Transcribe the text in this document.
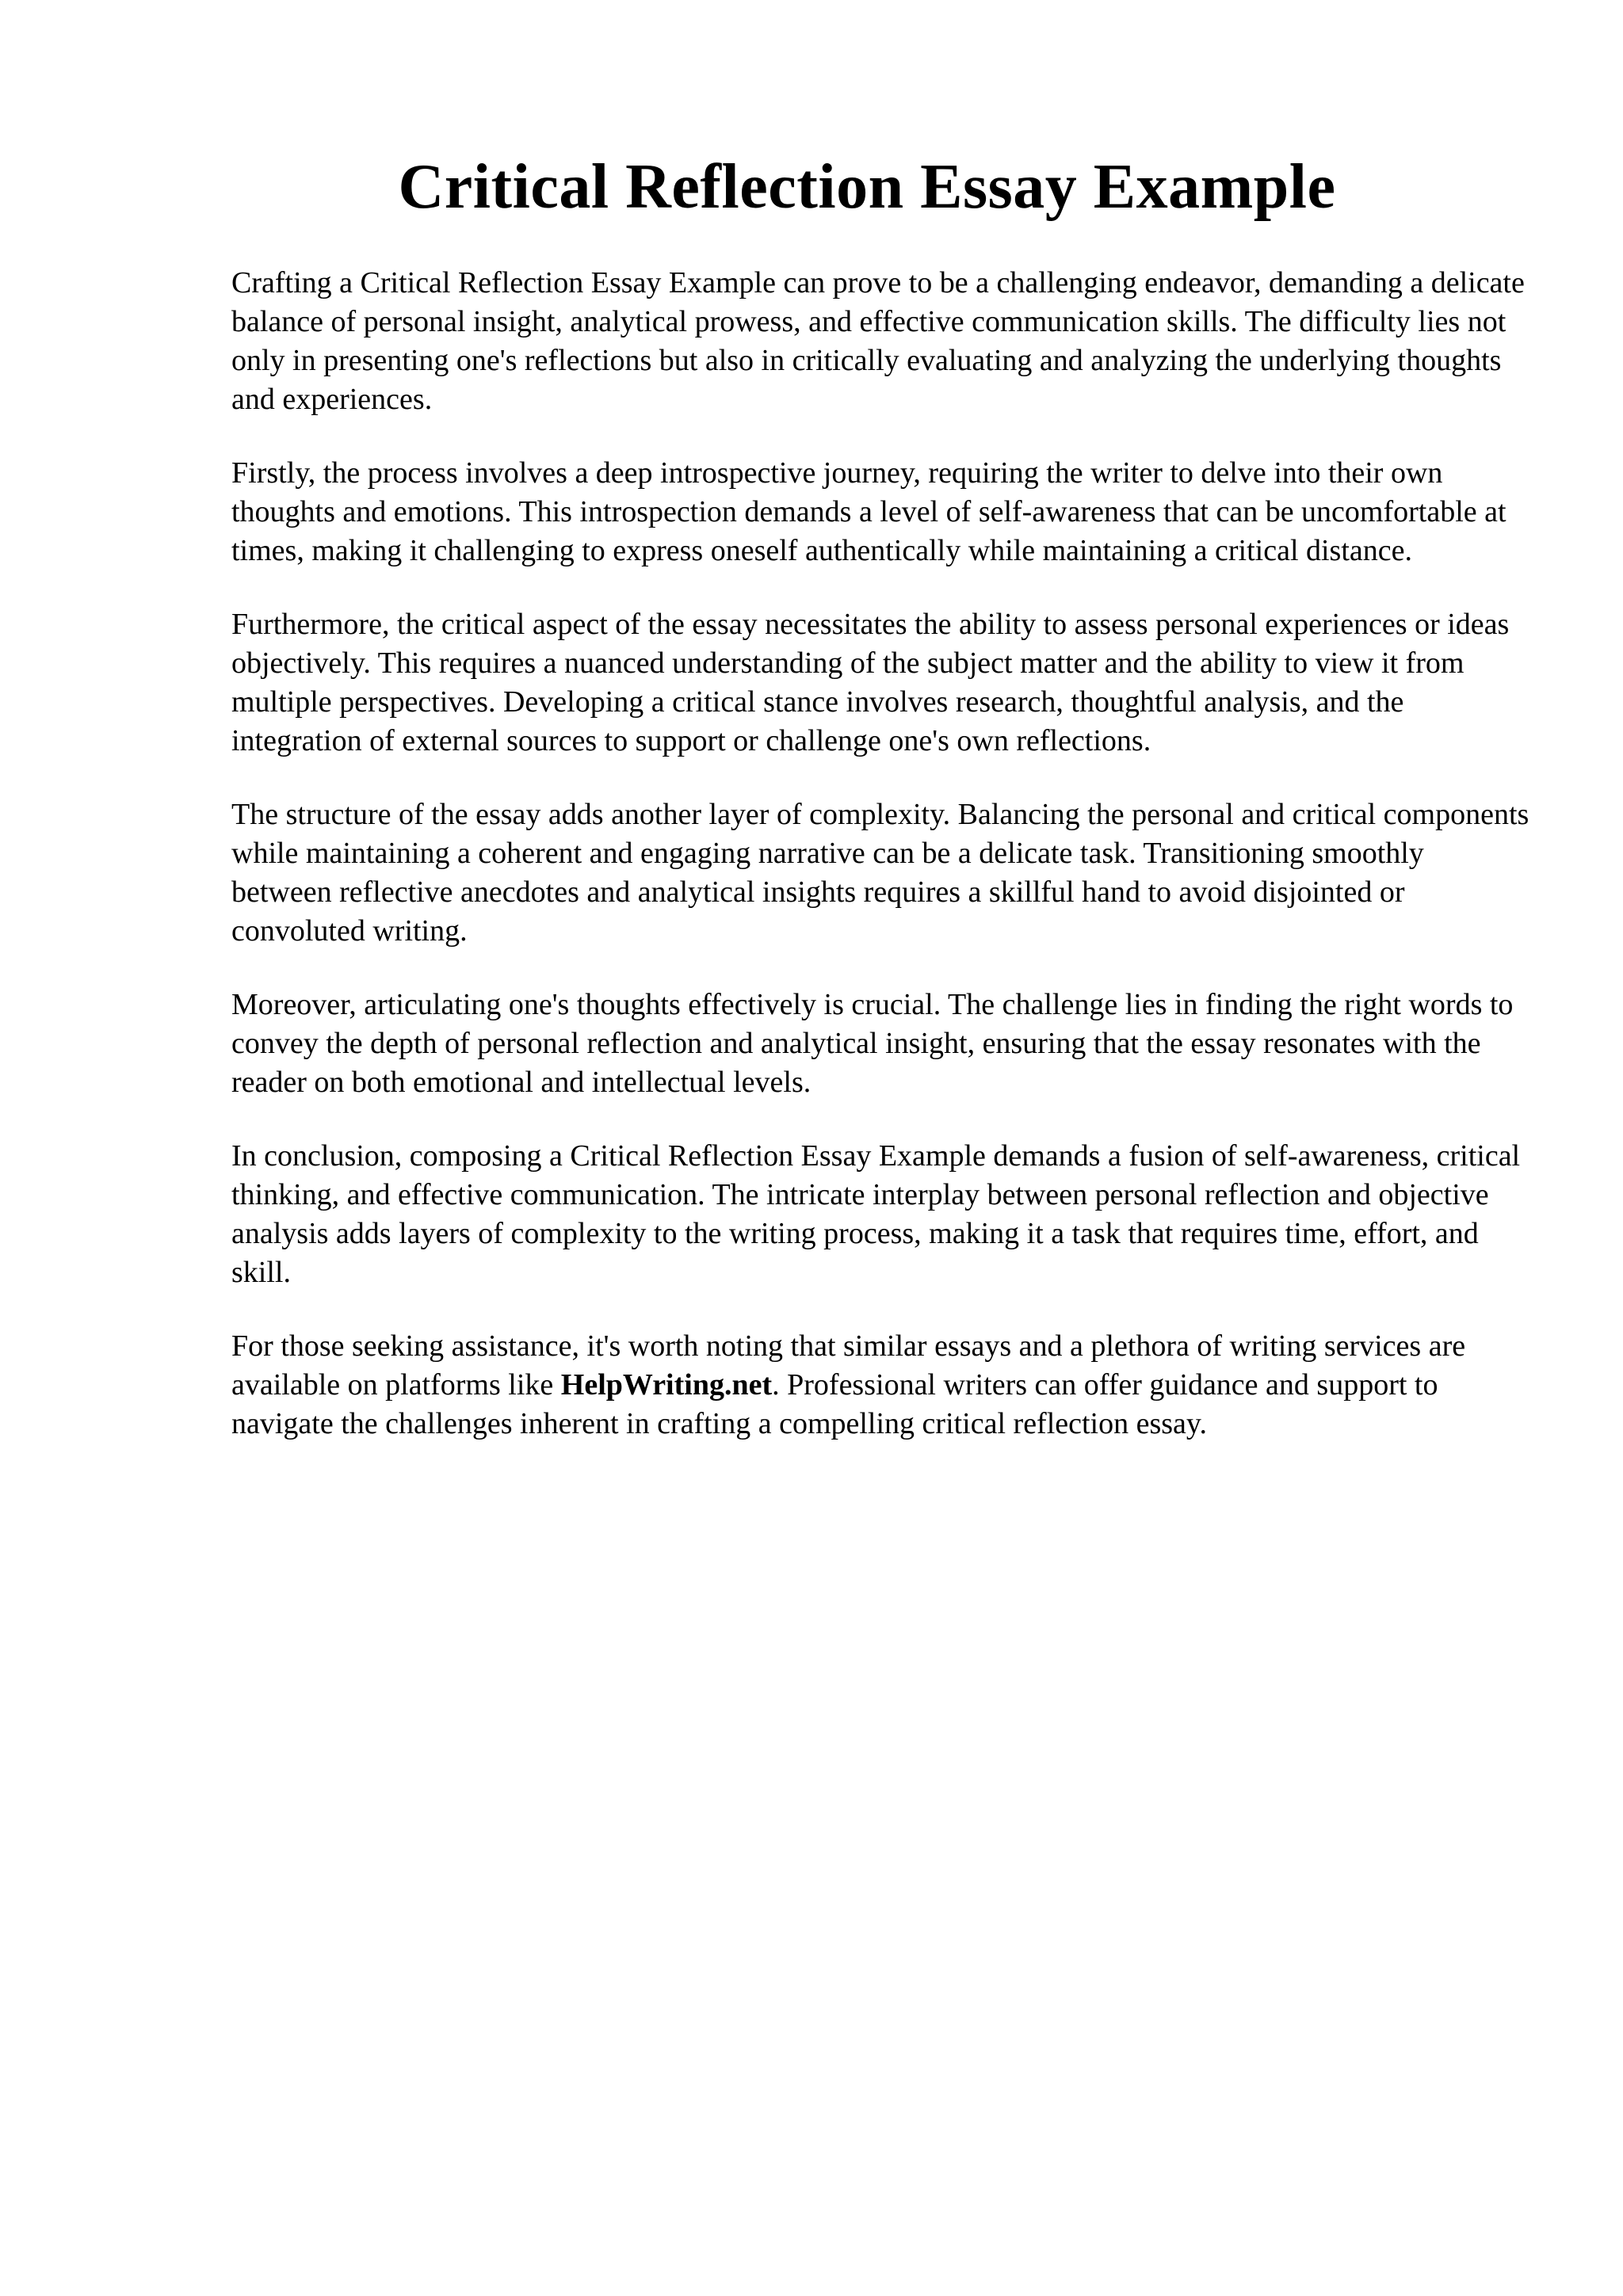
Critical Reflection Essay Example

Crafting a Critical Reflection Essay Example can prove to be a challenging endeavor, demanding a delicate balance of personal insight, analytical prowess, and effective communication skills. The difficulty lies not only in presenting one's reflections but also in critically evaluating and analyzing the underlying thoughts and experiences.

Firstly, the process involves a deep introspective journey, requiring the writer to delve into their own thoughts and emotions. This introspection demands a level of self-awareness that can be uncomfortable at times, making it challenging to express oneself authentically while maintaining a critical distance.

Furthermore, the critical aspect of the essay necessitates the ability to assess personal experiences or ideas objectively. This requires a nuanced understanding of the subject matter and the ability to view it from multiple perspectives. Developing a critical stance involves research, thoughtful analysis, and the integration of external sources to support or challenge one's own reflections.

The structure of the essay adds another layer of complexity. Balancing the personal and critical components while maintaining a coherent and engaging narrative can be a delicate task. Transitioning smoothly between reflective anecdotes and analytical insights requires a skillful hand to avoid disjointed or convoluted writing.

Moreover, articulating one's thoughts effectively is crucial. The challenge lies in finding the right words to convey the depth of personal reflection and analytical insight, ensuring that the essay resonates with the reader on both emotional and intellectual levels.

In conclusion, composing a Critical Reflection Essay Example demands a fusion of self-awareness, critical thinking, and effective communication. The intricate interplay between personal reflection and objective analysis adds layers of complexity to the writing process, making it a task that requires time, effort, and skill.

For those seeking assistance, it's worth noting that similar essays and a plethora of writing services are available on platforms like HelpWriting.net. Professional writers can offer guidance and support to navigate the challenges inherent in crafting a compelling critical reflection essay.
